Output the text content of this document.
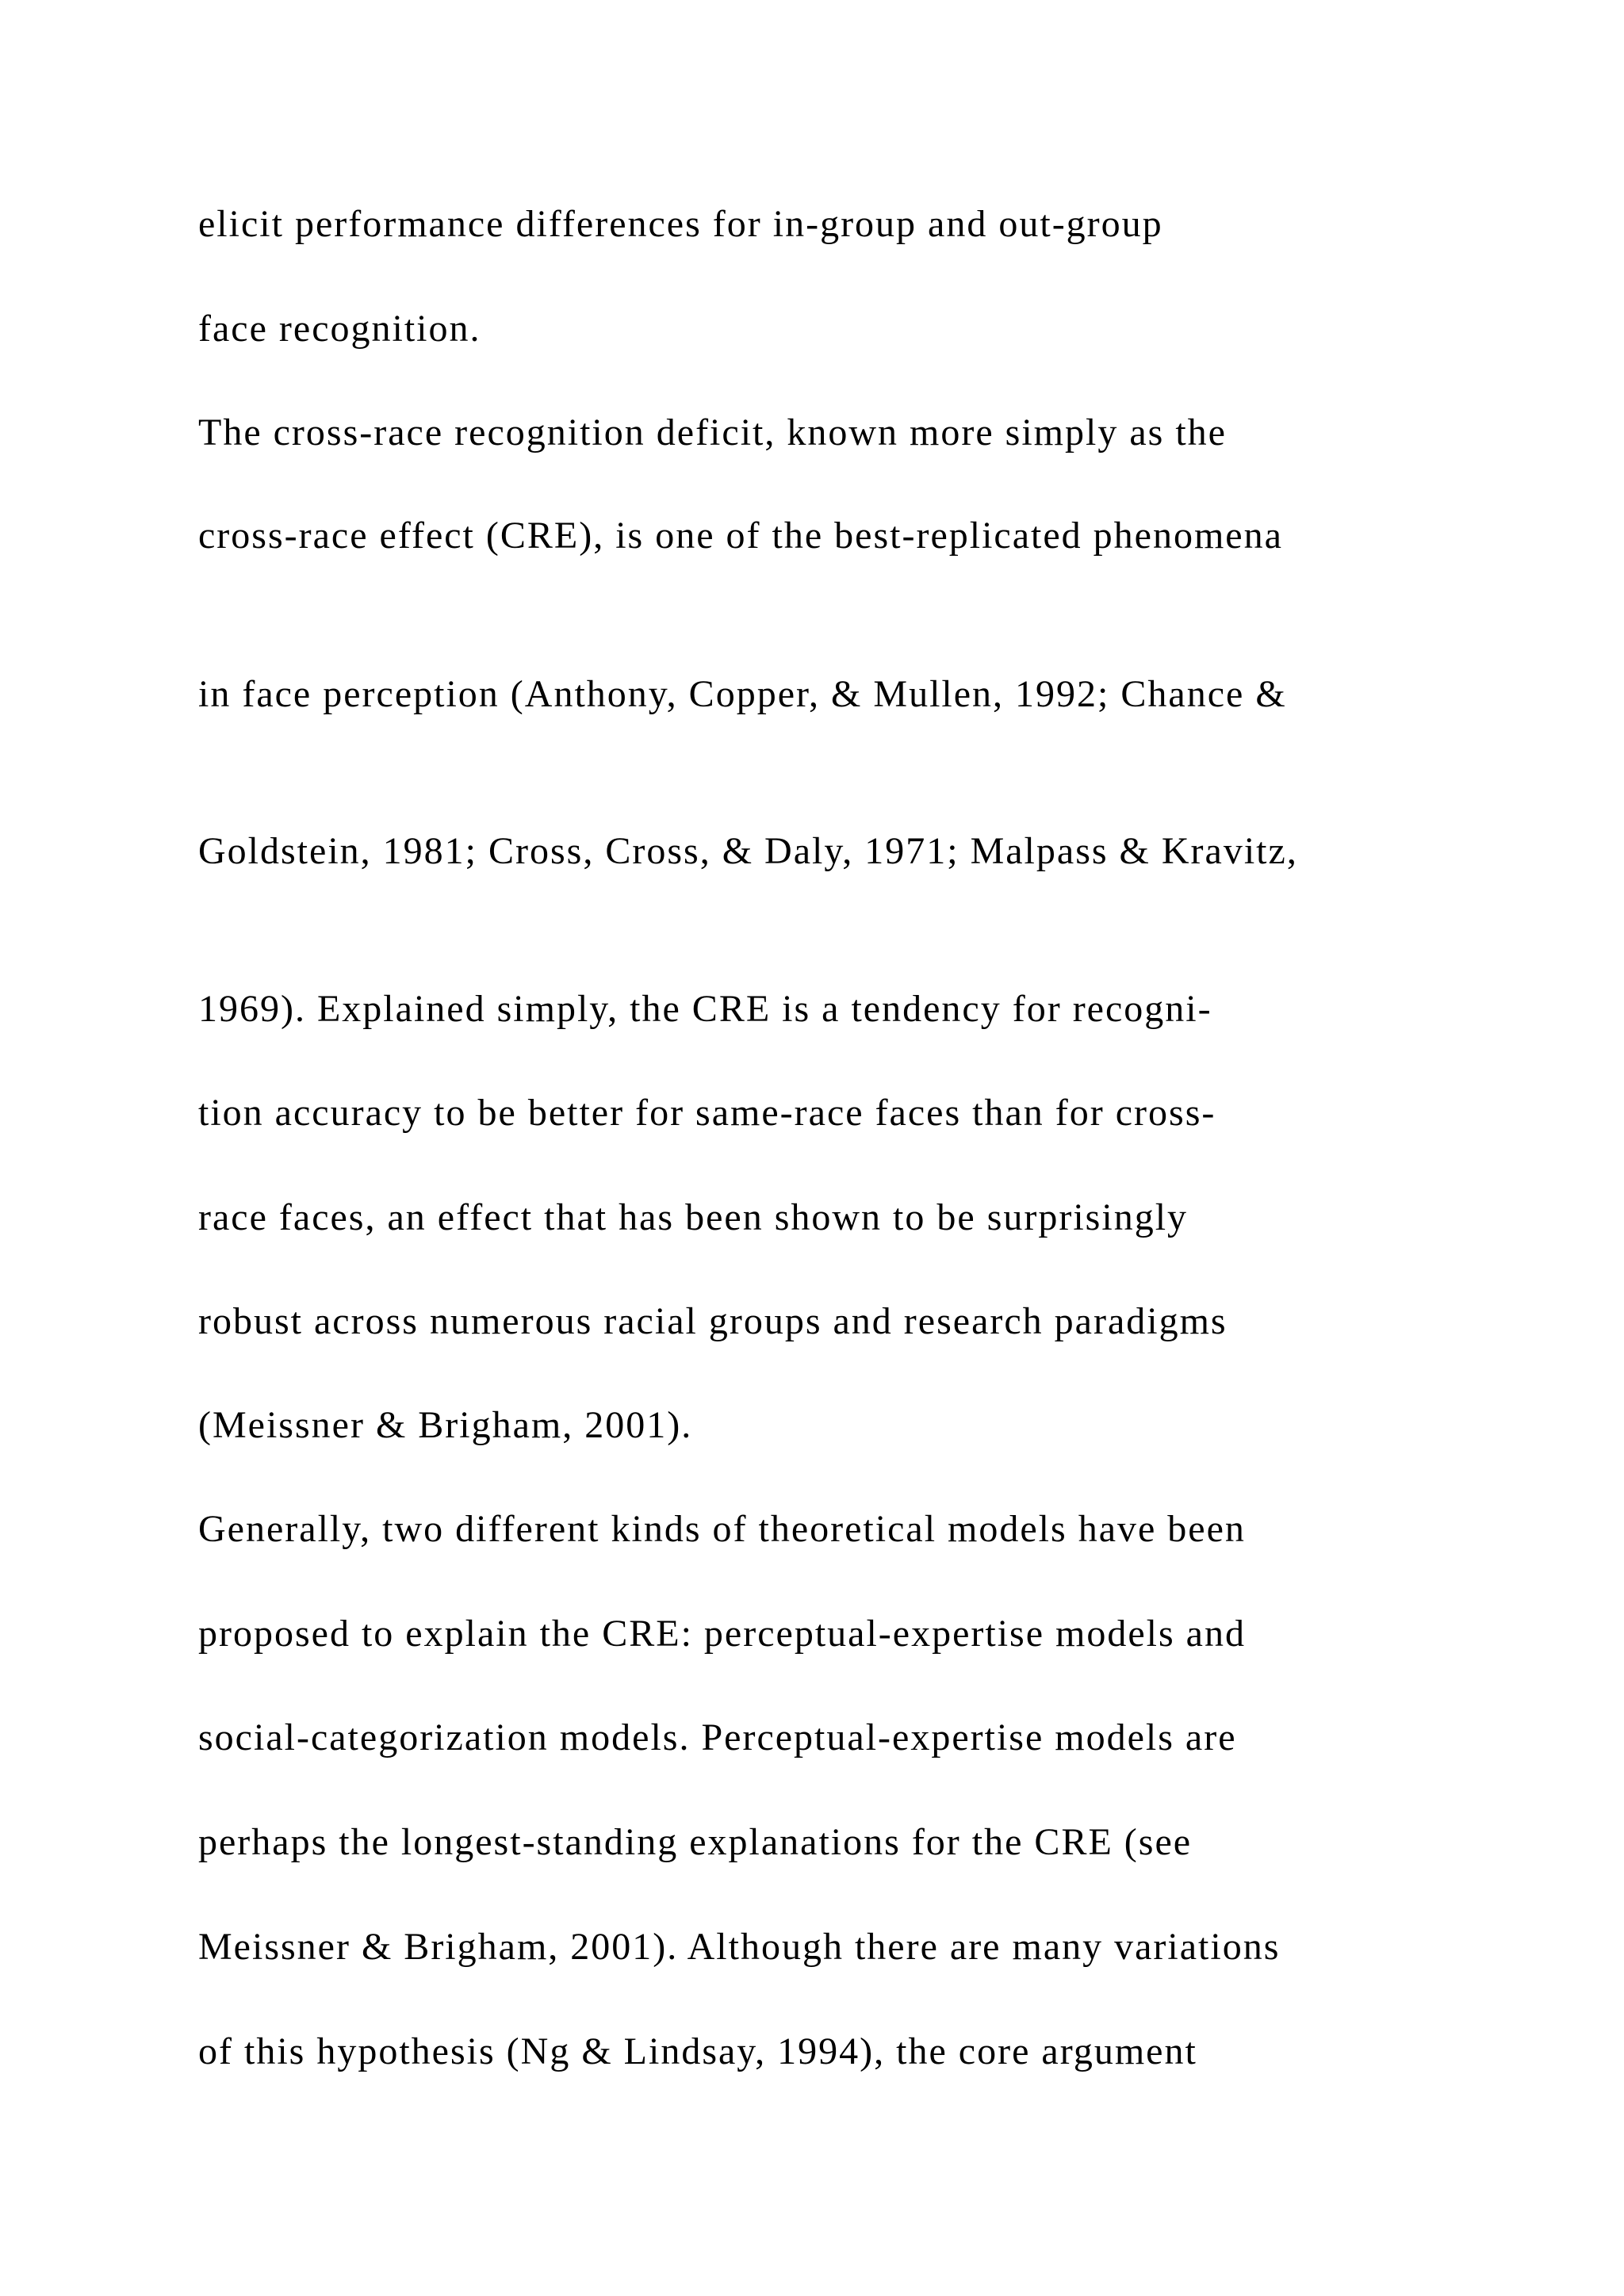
elicit performance differences for in-group and out-group

face recognition.

The cross-race recognition deficit, known more simply as the

cross-race effect (CRE), is one of the best-replicated phenomena

in face perception (Anthony, Copper, & Mullen, 1992; Chance &

Goldstein, 1981; Cross, Cross, & Daly, 1971; Malpass & Kravitz,

1969). Explained simply, the CRE is a tendency for recogni-

tion accuracy to be better for same-race faces than for cross-

race faces, an effect that has been shown to be surprisingly

robust across numerous racial groups and research paradigms

(Meissner & Brigham, 2001).

Generally, two different kinds of theoretical models have been

proposed to explain the CRE: perceptual-expertise models and

social-categorization models. Perceptual-expertise models are

perhaps the longest-standing explanations for the CRE (see

Meissner & Brigham, 2001). Although there are many variations

of this hypothesis (Ng & Lindsay, 1994), the core argument
